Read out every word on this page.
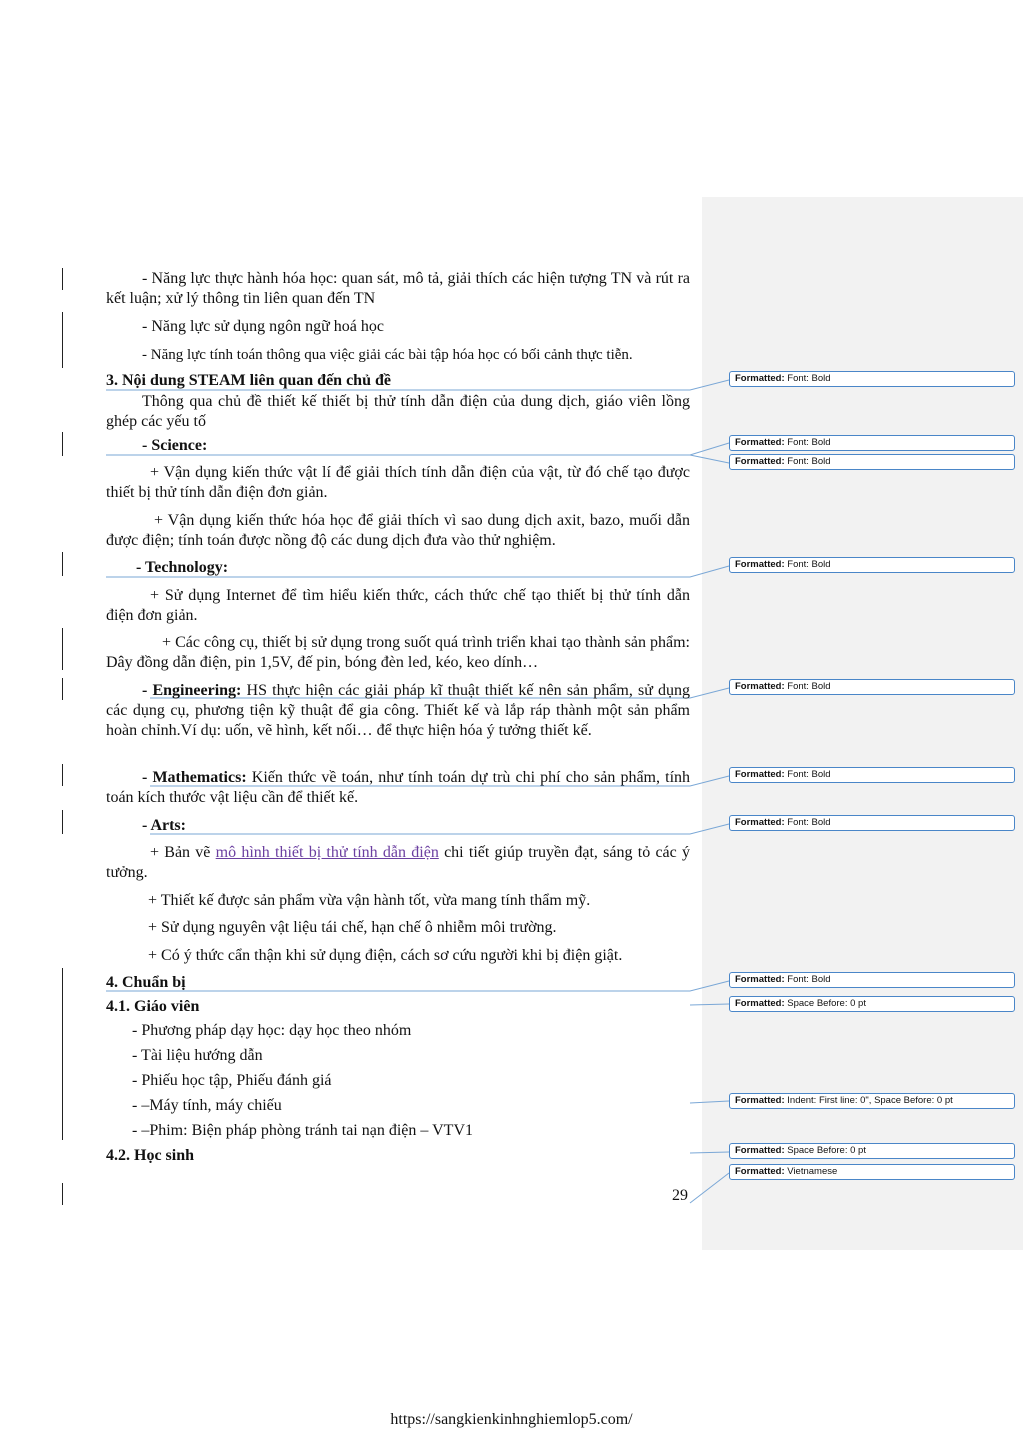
- Năng lực thực hành hóa học: quan sát, mô tả, giải thích các hiện tượng TN và rút ra kết luận; xử lý thông tin liên quan đến TN
- Năng lực sử dụng ngôn ngữ hoá học
- Năng lực tính toán thông qua việc giải các bài tập hóa học có bối cảnh thực tiễn.
3. Nội dung STEAM liên quan đến chủ đề
Thông qua chủ đề thiết kế thiết bị thử tính dẫn điện của dung dịch, giáo viên lồng ghép các yếu tố
- Science:
+ Vận dụng kiến thức vật lí để giải thích tính dẫn điện của vật, từ đó chế tạo được thiết bị thử tính dẫn điện đơn giản.
+ Vận dụng kiến thức hóa học để giải thích vì sao dung dịch axit, bazo, muối dẫn được điện; tính toán được nồng độ các dung dịch đưa vào thử nghiệm.
- Technology:
+ Sử dụng Internet để tìm hiểu kiến thức, cách thức chế tạo thiết bị thử tính dẫn điện đơn giản.
+ Các công cụ, thiết bị sử dụng trong suốt quá trình triển khai tạo thành sản phẩm: Dây đồng dẫn điện, pin 1,5V, đế pin, bóng đèn led, kéo, keo dính…
- Engineering: HS thực hiện các giải pháp kĩ thuật thiết kế nên sản phẩm, sử dụng các dụng cụ, phương tiện kỹ thuật để gia công. Thiết kế và lắp ráp thành một sản phẩm hoàn chỉnh.Ví dụ: uốn, vẽ hình, kết nối… để thực hiện hóa ý tưởng thiết kế.
- Mathematics: Kiến thức về toán, như tính toán dự trù chi phí cho sản phẩm, tính toán kích thước vật liệu cần để thiết kế.
- Arts:
+ Bản vẽ mô hình thiết bị thử tính dẫn điện chi tiết giúp truyền đạt, sáng tỏ các ý tưởng.
+ Thiết kế được sản phẩm vừa vận hành tốt, vừa mang tính thẩm mỹ.
+ Sử dụng nguyên vật liệu tái chế, hạn chế ô nhiễm môi trường.
+ Có ý thức cẩn thận khi sử dụng điện, cách sơ cứu người khi bị điện giật.
4. Chuẩn bị
4.1. Giáo viên
- Phương pháp dạy học: dạy học theo nhóm
- Tài liệu hướng dẫn
- Phiếu học tập, Phiếu đánh giá
- –Máy tính, máy chiếu
- –Phim: Biện pháp phòng tránh tai nạn điện – VTV1
4.2. Học sinh
29
Formatted: Font: Bold
Formatted: Font: Bold
Formatted: Font: Bold
Formatted: Font: Bold
Formatted: Font: Bold
Formatted: Font: Bold
Formatted: Font: Bold
Formatted: Font: Bold
Formatted: Space Before: 0 pt
Formatted: Indent: First line: 0", Space Before: 0 pt
Formatted: Space Before: 0 pt
Formatted: Vietnamese
https://sangkienkinhnghiemlop5.com/
